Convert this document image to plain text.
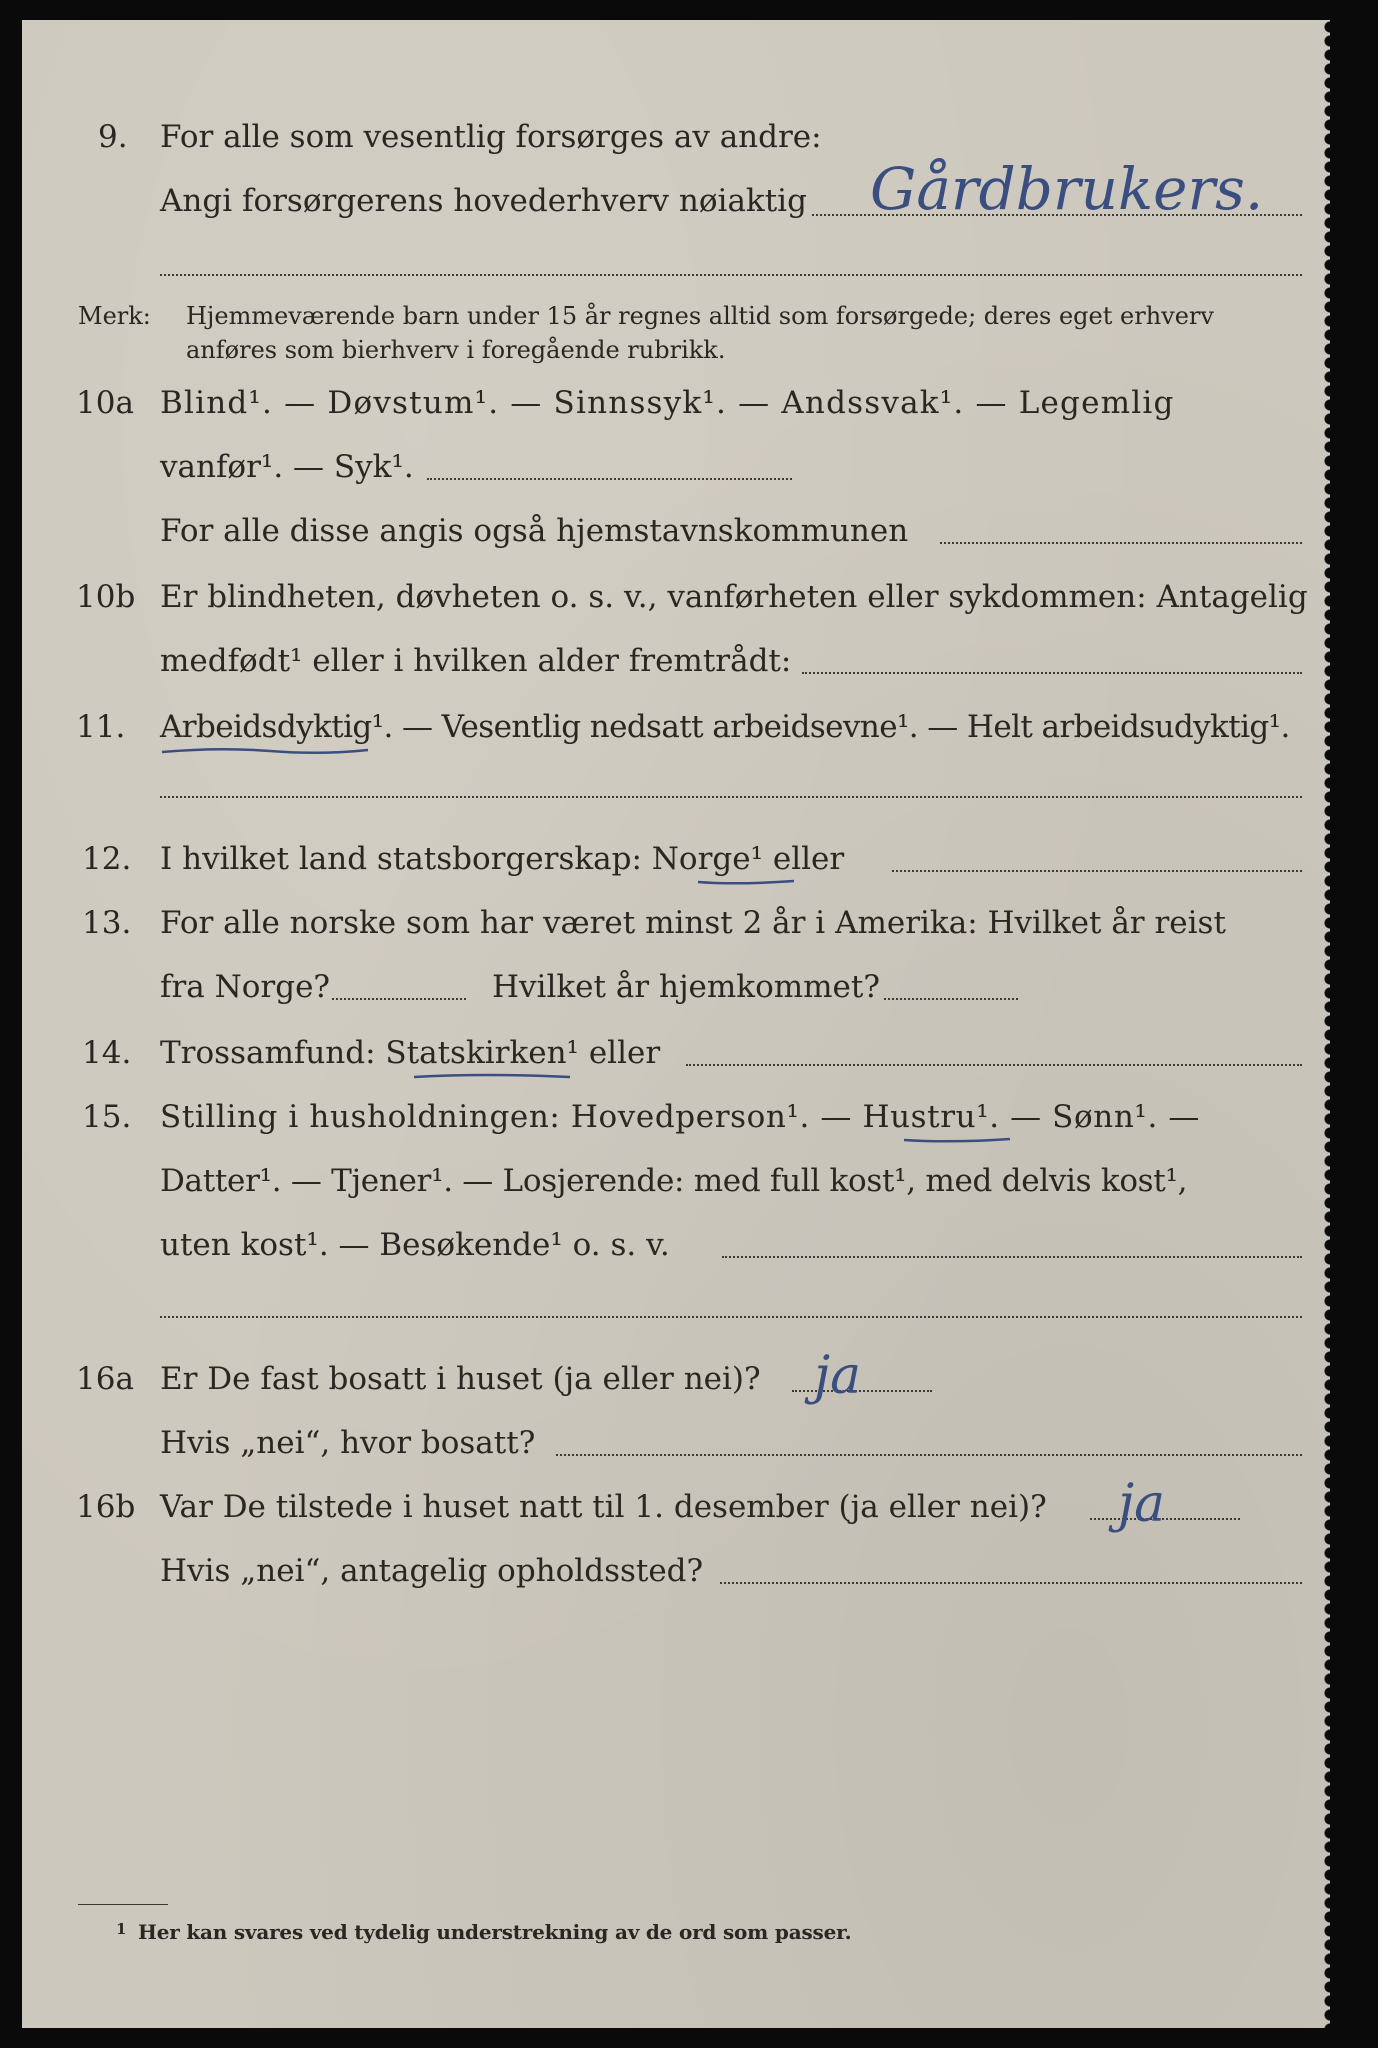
9. For alle som vesentlig forsørges av andre:
Angi forsørgerens hovederhverv nøiaktig Gårdbrukers.
Merk: Hjemmeværende barn under 15 år regnes alltid som forsørgede; deres eget erhverv
anføres som bierhverv i foregående rubrikk.
10a Blind¹. — Døvstum¹. — Sinnssyk¹. — Andssvak¹. — Legemlig
vanfør¹. — Syk¹.
For alle disse angis også hjemstavnskommunen
10b Er blindheten, døvheten o. s. v., vanførheten eller sykdommen: Antagelig
medfødt¹ eller i hvilken alder fremtrådt:
11. Arbeidsdyktig¹. — Vesentlig nedsatt arbeidsevne¹. — Helt arbeidsudyktig¹.
12. I hvilket land statsborgerskap: Norge¹ eller
13. For alle norske som har været minst 2 år i Amerika: Hvilket år reist
fra Norge?	Hvilket år hjemkommet?
14. Trossamfund: Statskirken¹ eller
15. Stilling i husholdningen: Hovedperson¹. — Hustru¹. — Sønn¹. —
Datter¹. — Tjener¹. — Losjerende: med full kost¹, med delvis kost¹,
uten kost¹. — Besøkende¹ o. s. v.
16a Er De fast bosatt i huset (ja eller nei)? ja
Hvis „nei“, hvor bosatt?
16b Var De tilstede i huset natt til 1. desember (ja eller nei)? ja
Hvis „nei“, antagelig opholdssted?
1 Her kan svares ved tydelig understrekning av de ord som passer.
